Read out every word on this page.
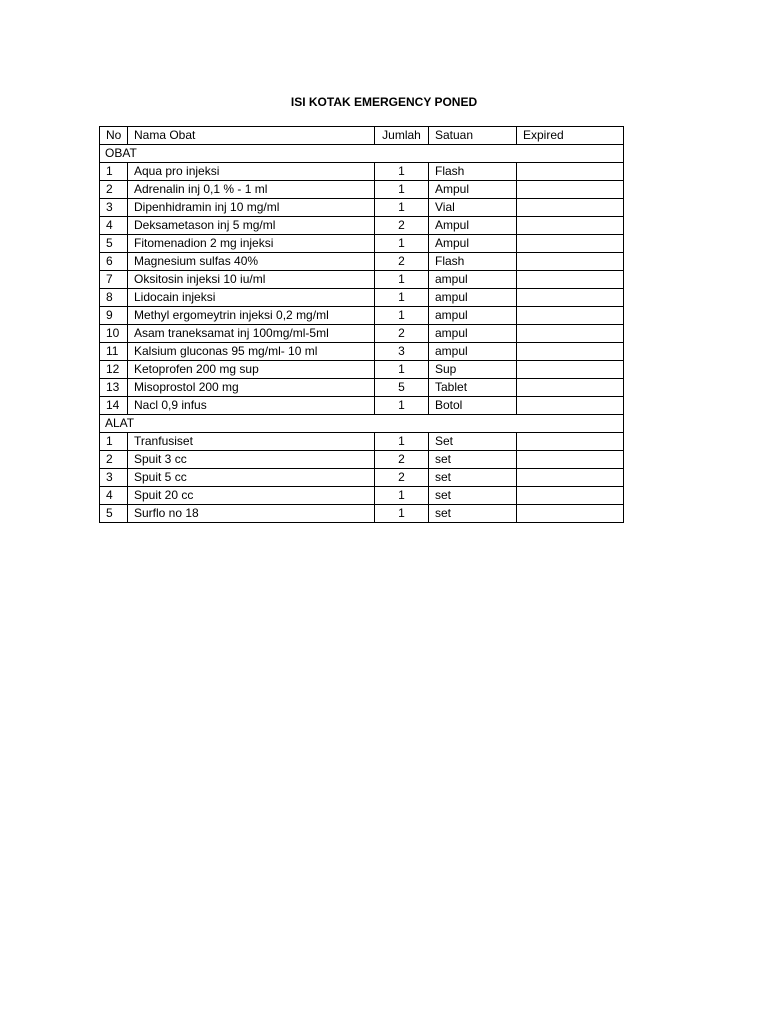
ISI KOTAK EMERGENCY PONED
No	Nama Obat	Jumlah	Satuan	Expired
OBAT				
1	Aqua pro injeksi	1	Flash	
2	Adrenalin inj 0,1 % - 1 ml	1	Ampul	
3	Dipenhidramin inj 10 mg/ml	1	Vial	
4	Deksametason inj 5 mg/ml	2	Ampul	
5	Fitomenadion 2 mg injeksi	1	Ampul	
6	Magnesium sulfas 40%	2	Flash	
7	Oksitosin injeksi 10 iu/ml	1	ampul	
8	Lidocain injeksi	1	ampul	
9	Methyl ergomeytrin injeksi 0,2 mg/ml	1	ampul	
10	Asam traneksamat inj 100mg/ml-5ml	2	ampul	
11	Kalsium gluconas 95 mg/ml- 10 ml	3	ampul	
12	Ketoprofen 200 mg sup	1	Sup	
13	Misoprostol 200 mg	5	Tablet	
14	Nacl 0,9 infus	1	Botol	
ALAT				
1	Tranfusiset	1	Set	
2	Spuit 3 cc	2	set	
3	Spuit 5 cc	2	set	
4	Spuit 20 cc	1	set	
5	Surflo no 18	1	set	
